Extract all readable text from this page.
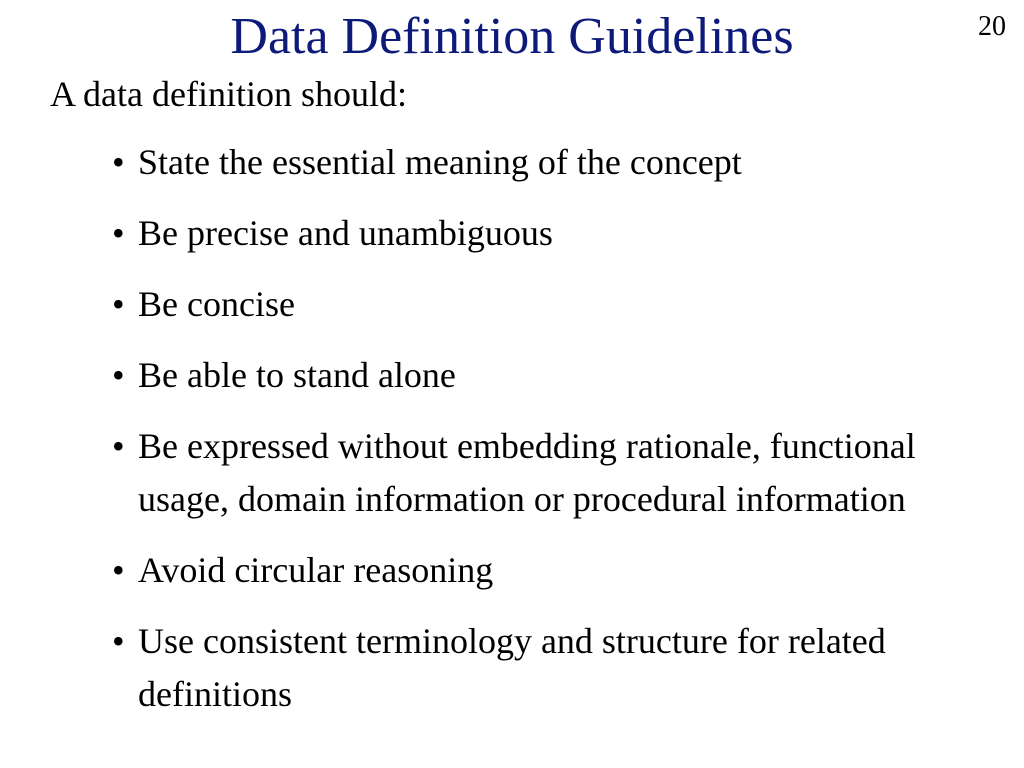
Data Definition Guidelines	20

A data definition should:

• State the essential meaning of the concept
• Be precise and unambiguous
• Be concise
• Be able to stand alone
• Be expressed without embedding rationale, functional usage, domain information or procedural information
• Avoid circular reasoning
• Use consistent terminology and structure for related definitions
